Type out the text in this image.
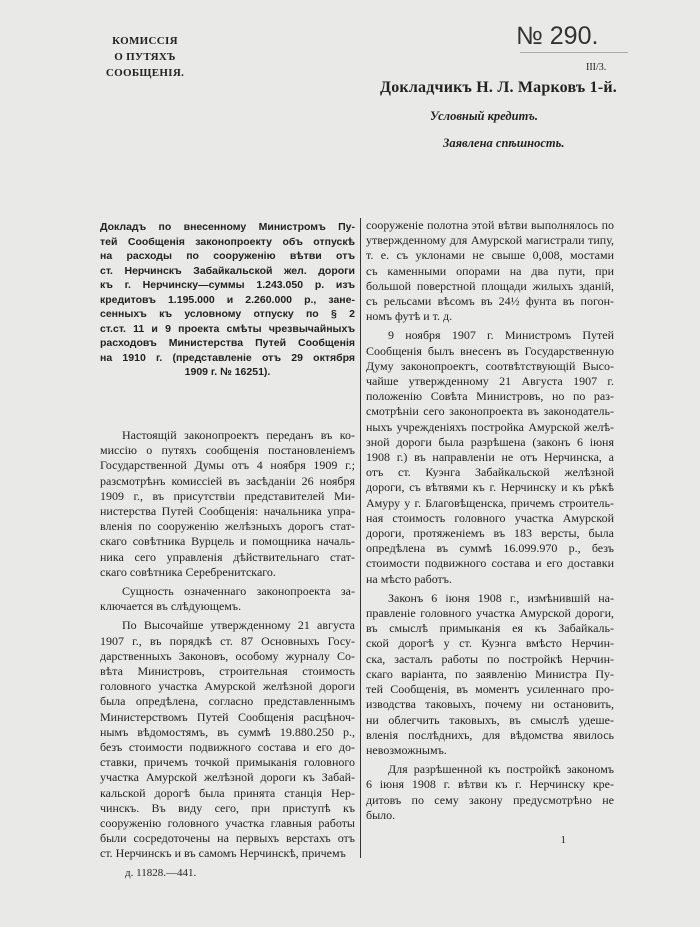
КОМИССІЯ
О ПУТЯХЪ
СООБЩЕНІЯ.
№ 290.
III/3.
Докладчикъ Н. Л. Марковъ 1-й.
Условный кредитъ.
Заявлена спѣшность.
Докладъ по внесенному Министромъ Пу-
тей Сообщенія законопроекту объ отпускѣ
на расходы по сооруженію вѣтви отъ
ст. Нерчинскъ Забайкальской жел. дороги
къ г. Нерчинску—суммы 1.243.050 р. изъ
кредитовъ 1.195.000 и 2.260.000 р., зане-
сенныхъ къ условному отпуску по § 2
ст.ст. 11 и 9 проекта смѣты чрезвычайныхъ
расходовъ Министерства Путей Сообщенія
на 1910 г. (представленіе отъ 29 октября
1909 г. № 16251).
Настоящій законопроектъ переданъ въ ко-
миссію о путяхъ сообщенія постановленіемъ
Государственной Думы отъ 4 ноября 1909 г.;
разсмотрѣнъ комиссіей въ засѣданіи 26 ноября
1909 г., въ присутствіи представителей Ми-
нистерства Путей Сообщенія: начальника упра-
вленія по сооруженію желѣзныхъ дорогъ стат-
скаго совѣтника Вурцель и помощника началь-
ника сего управленія дѣйствительнаго стат-
скаго совѣтника Серебренитскаго.
Сущность означеннаго законопроекта за-
ключается въ слѣдующемъ.
По Высочайше утвержденному 21 августа
1907 г., въ порядкѣ ст. 87 Основныхъ Госу-
дарственныхъ Законовъ, особому журналу Со-
вѣта Министровъ, строительная стоимость
головного участка Амурской желѣзной дороги
была опредѣлена, согласно представленнымъ
Министерствомъ Путей Сообщенія расцѣноч-
нымъ вѣдомостямъ, въ суммѣ 19.880.250 р.,
безъ стоимости подвижного состава и его до-
ставки, причемъ точкой примыканія головного
участка Амурской желѣзной дороги къ Забай-
кальской дорогѣ была принята станція Нер-
чинскъ. Въ виду сего, при приступѣ къ
сооруженію головного участка главныя работы
были сосредоточены на первыхъ верстахъ отъ
ст. Нерчинскъ и въ самомъ Нерчинскѣ, причемъ
д. 11828.—441.
сооруженіе полотна этой вѣтви выполнялось по
утвержденному для Амурской магистрали типу,
т. е. съ уклонами не свыше 0,008, мостами
съ каменными опорами на два пути, при
большой поверстной площади жилыхъ зданій,
съ рельсами вѣсомъ въ 24½ фунта въ погон-
номъ футѣ и т. д.
9 ноября 1907 г. Министромъ Путей
Сообщенія былъ внесенъ въ Государственную
Думу законопроектъ, соотвѣтствующій Высо-
чайше утвержденному 21 Августа 1907 г.
положенію Совѣта Министровъ, но по раз-
смотрѣніи сего законопроекта въ законодатель-
ныхъ учрежденіяхъ постройка Амурской желѣ-
зной дороги была разрѣшена (законъ 6 іюня
1908 г.) въ направленіи не отъ Нерчинска, а
отъ ст. Куэнга Забайкальской желѣзной
дороги, съ вѣтвями къ г. Нерчинску и къ рѣкѣ
Амуру у г. Благовѣщенска, причемъ строитель-
ная стоимость головного участка Амурской
дороги, протяженіемъ въ 183 версты, была
опредѣлена въ суммѣ 16.099.970 р., безъ
стоимости подвижного состава и его доставки
на мѣсто работъ.
Законъ 6 іюня 1908 г., измѣнившій на-
правленіе головного участка Амурской дороги,
въ смыслѣ примыканія ея къ Забайкаль-
ской дорогѣ у ст. Куэнга вмѣсто Нерчин-
ска, засталъ работы по постройкѣ Нерчин-
скаго варіанта, по заявленію Министра Пу-
тей Сообщенія, въ моментъ усиленнаго про-
изводства таковыхъ, почему ни остановить,
ни облегчить таковыхъ, въ смыслѣ удеше-
вленія послѣднихъ, для вѣдомства явилось
невозможнымъ.
Для разрѣшенной къ постройкѣ закономъ
6 іюня 1908 г. вѣтви къ г. Нерчинску кре-
дитовъ по сему закону предусмотрѣно не
было.
1
